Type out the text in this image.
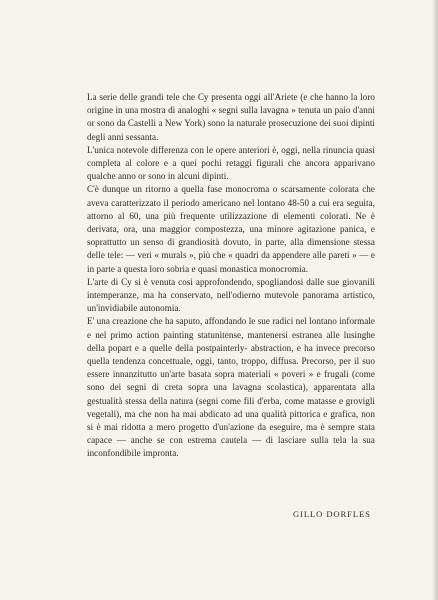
La serie delle grandi tele che Cy presenta oggi all'Ariete (e che hanno la loro origine in una mostra di analoghi « segni sulla lavagna » tenuta un paio d'anni or sono da Castelli a New York) sono la naturale prosecuzione dei suoi dipinti degli anni sessanta.

L'unica notevole differenza con le opere anteriori è, oggi, nella rinuncia quasi completa al colore e a quei pochi retaggi figurali che ancora apparivano qualche anno or sono in alcuni dipinti.

C'è dunque un ritorno a quella fase monocroma o scarsamente colorata che aveva caratterizzato il periodo americano nel lontano 48-50 a cui era seguita, attorno al 60, una più frequente utilizzazione di elementi colorati. Ne è derivata, ora, una maggior compostezza, una minore agitazione panica, e soprattutto un senso di grandiosità dovuto, in parte, alla dimensione stessa delle tele: — veri « murals », più che « quadri da appendere alle pareti » — e in parte a questa loro sobria e quasi monastica monocromia.

L'arte di Cy si è venuta così approfondendo, spogliandosi dalle sue giovanili intemperanze, ma ha conservato, nell'odierno mutevole panorama artistico, un'invidiabile autonomia.

E' una creazione che ha saputo, affondando le sue radici nel lontano informale e nel primo action painting statunitense, mantenersi estranea alle lusinghe della popart e a quelle della postpainterly- abstraction, e ha invece precorso quella tendenza concettuale, oggi, tanto, troppo, diffusa. Precorso, per il suo essere innanzitutto un'arte basata sopra materiali « poveri » e frugali (come sono dei segni di creta sopra una lavagna scolastica), apparentata alla gestualità stessa della natura (segni come fili d'erba, come matasse e grovigli vegetali), ma che non ha mai abdicato ad una qualità pittorica e grafica, non si è mai ridotta a mero progetto d'un'azione da eseguire, ma è sempre stata capace — anche se con estrema cautela — di lasciare sulla tela la sua inconfondibile impronta.

GILLO DORFLES
